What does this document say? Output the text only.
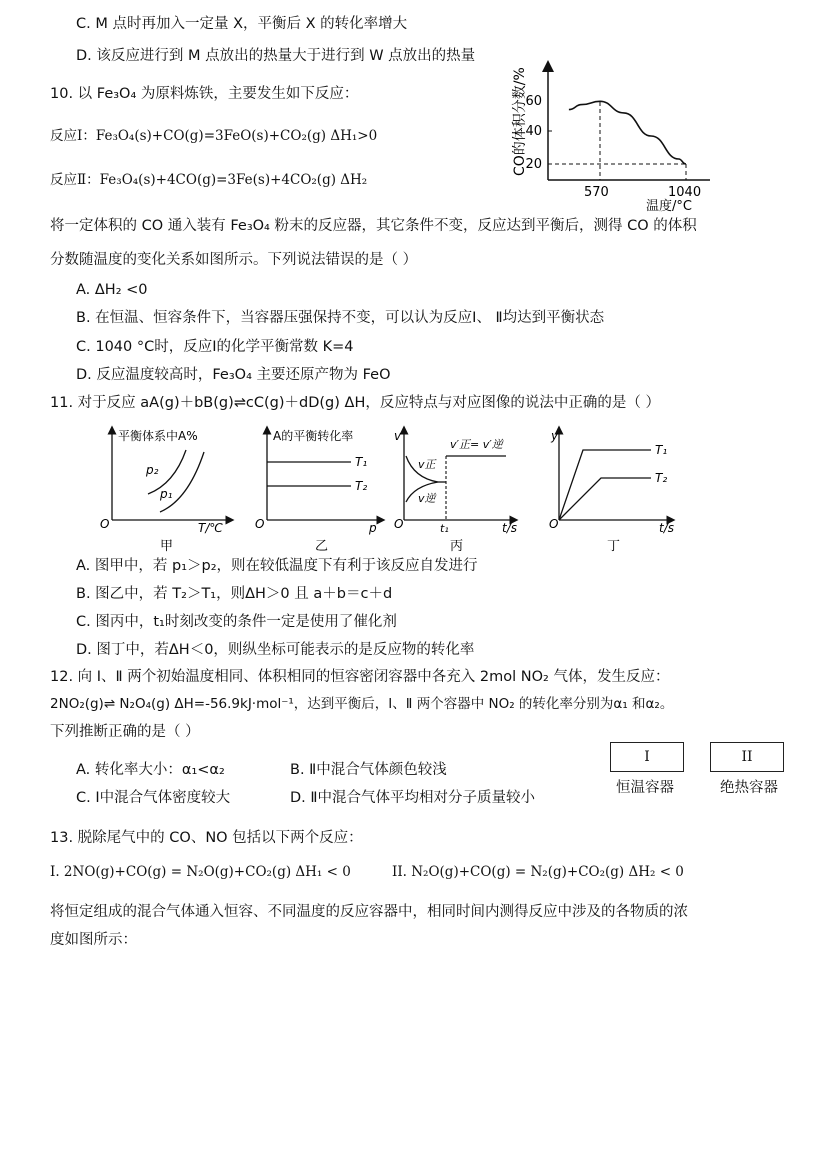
C. M 点时再加入一定量 X，平衡后 X 的转化率增大
D. 该反应进行到 M 点放出的热量大于进行到 W 点放出的热量
10. 以 Fe₃O₄ 为原料炼铁，主要发生如下反应：
反应Ⅰ：Fe₃O₄(s)+CO(g)=3FeO(s)+CO₂(g) ΔH₁>0
反应Ⅱ：Fe₃O₄(s)+4CO(g)=3Fe(s)+4CO₂(g) ΔH₂
CO的体积分数/%
60
40
20
570	1040
温度/°C
将一定体积的 CO 通入装有 Fe₃O₄ 粉末的反应器，其它条件不变，反应达到平衡后，测得 CO 的体积
分数随温度的变化关系如图所示。下列说法错误的是（ ）
A. ΔH₂ <0
B. 在恒温、恒容条件下，当容器压强保持不变，可以认为反应Ⅰ、 Ⅱ均达到平衡状态
C. 1040 °C时，反应Ⅰ的化学平衡常数 K=4
D. 反应温度较高时，Fe₃O₄ 主要还原产物为 FeO
11. 对于反应 aA(g)＋bB(g)⇌cC(g)＋dD(g) ΔH，反应特点与对应图像的说法中正确的是（ ）
平衡体系中A%
O	T/℃
p₂
p₁
甲
A的平衡转化率
O	p
T₁
T₂
乙
v
O	t/s
v′正= v′逆
v正
v逆
t₁
丙
y
O	t/s
T₁
T₂
丁
A. 图甲中，若 p₁＞p₂，则在较低温度下有利于该反应自发进行
B. 图乙中，若 T₂＞T₁，则ΔH＞0 且 a＋b＝c＋d
C. 图丙中，t₁时刻改变的条件一定是使用了催化剂
D. 图丁中，若ΔH＜0，则纵坐标可能表示的是反应物的转化率
12. 向 Ⅰ、Ⅱ 两个初始温度相同、体积相同的恒容密闭容器中各充入 2mol NO₂ 气体，发生反应：
2NO₂(g)⇌ N₂O₄(g) ΔH=-56.9kJ·mol⁻¹，达到平衡后，Ⅰ、Ⅱ 两个容器中 NO₂ 的转化率分别为α₁ 和α₂。
下列推断正确的是（ ）
A. 转化率大小：α₁<α₂	B. Ⅱ中混合气体颜色较浅
C. Ⅰ中混合气体密度较大	D. Ⅱ中混合气体平均相对分子质量较小
I
恒温容器
II
绝热容器
13. 脱除尾气中的 CO、NO 包括以下两个反应：
I. 2NO(g)+CO(g) = N₂O(g)+CO₂(g) ΔH₁ < 0	II. N₂O(g)+CO(g) = N₂(g)+CO₂(g) ΔH₂ < 0
将恒定组成的混合气体通入恒容、不同温度的反应容器中，相同时间内测得反应中涉及的各物质的浓
度如图所示：
